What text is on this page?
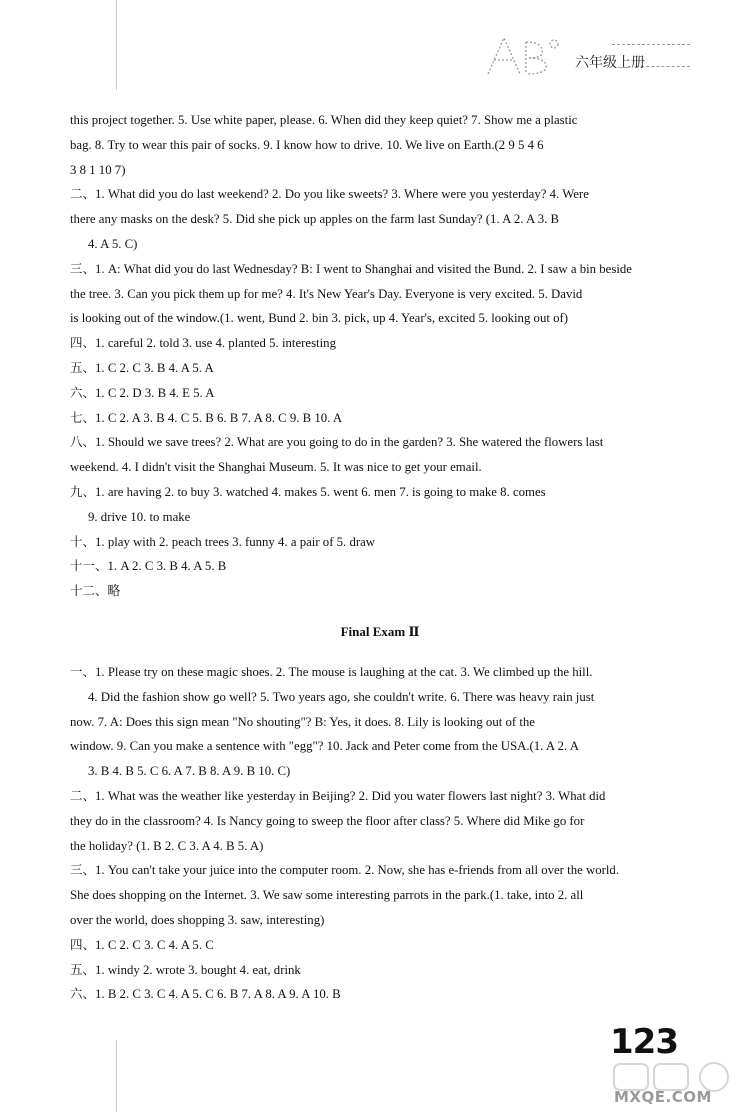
六年级上册
this project together. 5. Use white paper, please. 6. When did they keep quiet? 7. Show me a plastic
bag. 8. Try to wear this pair of socks. 9. I know how to drive. 10. We live on Earth.(2 9 5 4 6
3 8 1 10 7)
二、1. What did you do last weekend? 2. Do you like sweets? 3. Where were you yesterday? 4. Were
there any masks on the desk? 5. Did she pick up apples on the farm last Sunday? (1. A 2. A 3. B
4. A 5. C)
三、1. A: What did you do last Wednesday? B: I went to Shanghai and visited the Bund. 2. I saw a bin beside
the tree. 3. Can you pick them up for me? 4. It's New Year's Day. Everyone is very excited. 5. David
is looking out of the window.(1. went, Bund 2. bin 3. pick, up 4. Year's, excited 5. looking out of)
四、1. careful 2. told 3. use 4. planted 5. interesting
五、1. C 2. C 3. B 4. A 5. A
六、1. C 2. D 3. B 4. E 5. A
七、1. C 2. A 3. B 4. C 5. B 6. B 7. A 8. C 9. B 10. A
八、1. Should we save trees? 2. What are you going to do in the garden? 3. She watered the flowers last
weekend. 4. I didn't visit the Shanghai Museum. 5. It was nice to get your email.
九、1. are having 2. to buy 3. watched 4. makes 5. went 6. men 7. is going to make 8. comes
9. drive 10. to make
十、1. play with 2. peach trees 3. funny 4. a pair of 5. draw
十一、1. A 2. C 3. B 4. A 5. B
十二、略
Final Exam Ⅱ
一、1. Please try on these magic shoes. 2. The mouse is laughing at the cat. 3. We climbed up the hill.
4. Did the fashion show go well? 5. Two years ago, she couldn't write. 6. There was heavy rain just
now. 7. A: Does this sign mean "No shouting"? B: Yes, it does. 8. Lily is looking out of the
window. 9. Can you make a sentence with "egg"? 10. Jack and Peter come from the USA.(1. A 2. A
3. B 4. B 5. C 6. A 7. B 8. A 9. B 10. C)
二、1. What was the weather like yesterday in Beijing? 2. Did you water flowers last night? 3. What did
they do in the classroom? 4. Is Nancy going to sweep the floor after class? 5. Where did Mike go for
the holiday? (1. B 2. C 3. A 4. B 5. A)
三、1. You can't take your juice into the computer room. 2. Now, she has e-friends from all over the world.
She does shopping on the Internet. 3. We saw some interesting parrots in the park.(1. take, into 2. all
over the world, does shopping 3. saw, interesting)
四、1. C 2. C 3. C 4. A 5. C
五、1. windy 2. wrote 3. bought 4. eat, drink
六、1. B 2. C 3. C 4. A 5. C 6. B 7. A 8. A 9. A 10. B
123
MXQE.COM
